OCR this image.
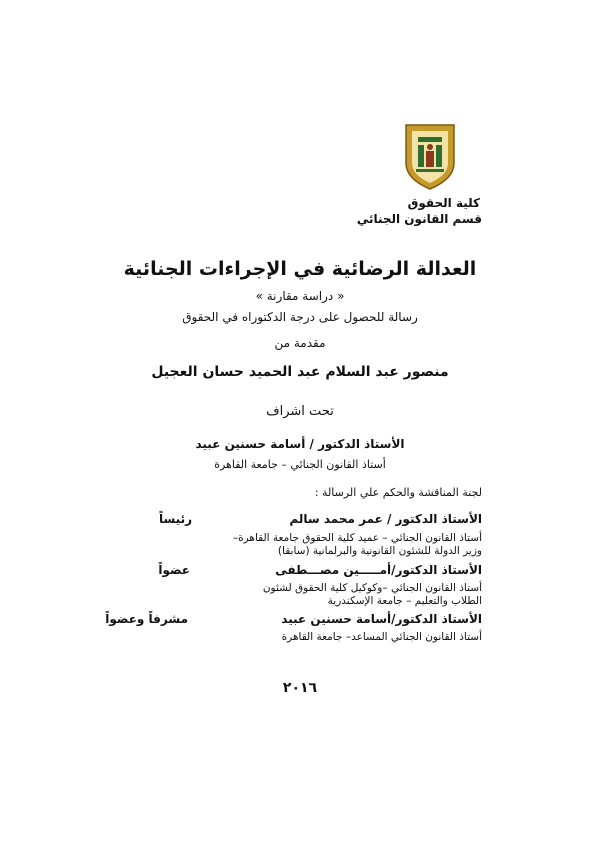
كلية الحقوق
قسم القانون الجنائي
العدالة الرضائية في الإجراءات الجنائية
« دراسة مقارنة »
رسالة للحصول على درجة الدكتوراه في الحقوق
مقدمة من
منصور عبد السلام عبد الحميد حسان العجيل
تحت اشراف
الأستاذ الدكتور / أسامة حسنين عبيد
أستاذ القانون الجنائي – جامعة القاهرة
لجنة المناقشة والحكم علي الرسالة :
الأستاذ الدكتور / عمر محمد سالم
رئيساً
أستاذ القانون الجنائي – عميد كلية الحقوق جامعة القاهرة–
وزير الدولة للشئون القانونية والبرلمانية (سابقا)
الأستاذ الدكتور/أمـــــين مصـــطفى
عضواً
أستاذ القانون الجنائي –وكوكيل كلية الحقوق لشئون
الطلاب والتعليم – جامعة الإسكندرية
الأستاذ الدكتور/أسامة حسنين عبيد
مشرفاً وعضواً
أستاذ القانون الجنائي المساعد– جامعة القاهرة
٢٠١٦
